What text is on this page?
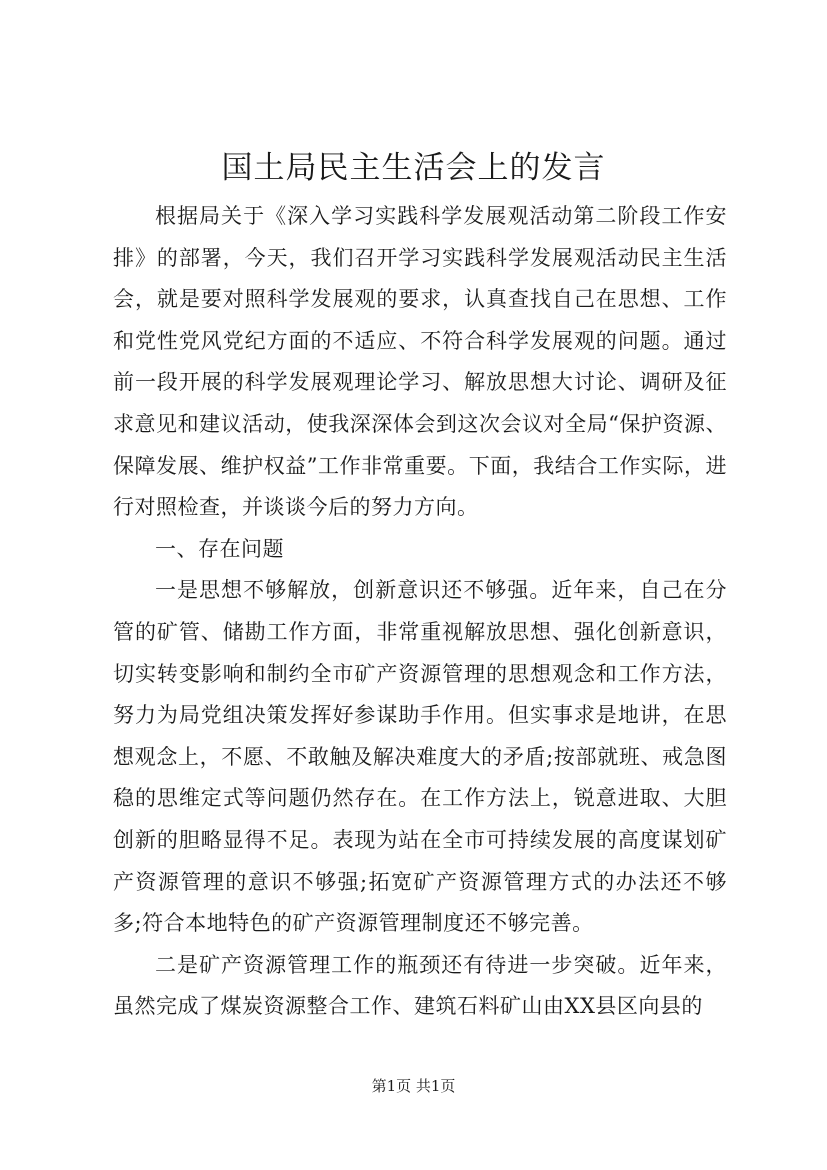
国土局民主生活会上的发言

根据局关于《深入学习实践科学发展观活动第二阶段工作安排》的部署，今天，我们召开学习实践科学发展观活动民主生活会，就是要对照科学发展观的要求，认真查找自己在思想、工作和党性党风党纪方面的不适应、不符合科学发展观的问题。通过前一段开展的科学发展观理论学习、解放思想大讨论、调研及征求意见和建议活动，使我深深体会到这次会议对全局“保护资源、保障发展、维护权益”工作非常重要。下面，我结合工作实际，进行对照检查，并谈谈今后的努力方向。

一、存在问题

一是思想不够解放，创新意识还不够强。近年来，自己在分管的矿管、储勘工作方面，非常重视解放思想、强化创新意识，切实转变影响和制约全市矿产资源管理的思想观念和工作方法，努力为局党组决策发挥好参谋助手作用。但实事求是地讲，在思想观念上，不愿、不敢触及解决难度大的矛盾;按部就班、戒急图稳的思维定式等问题仍然存在。在工作方法上，锐意进取、大胆创新的胆略显得不足。表现为站在全市可持续发展的高度谋划矿产资源管理的意识不够强;拓宽矿产资源管理方式的办法还不够多;符合本地特色的矿产资源管理制度还不够完善。

二是矿产资源管理工作的瓶颈还有待进一步突破。近年来，虽然完成了煤炭资源整合工作、建筑石料矿山由XX县区向县的

第1页 共1页
